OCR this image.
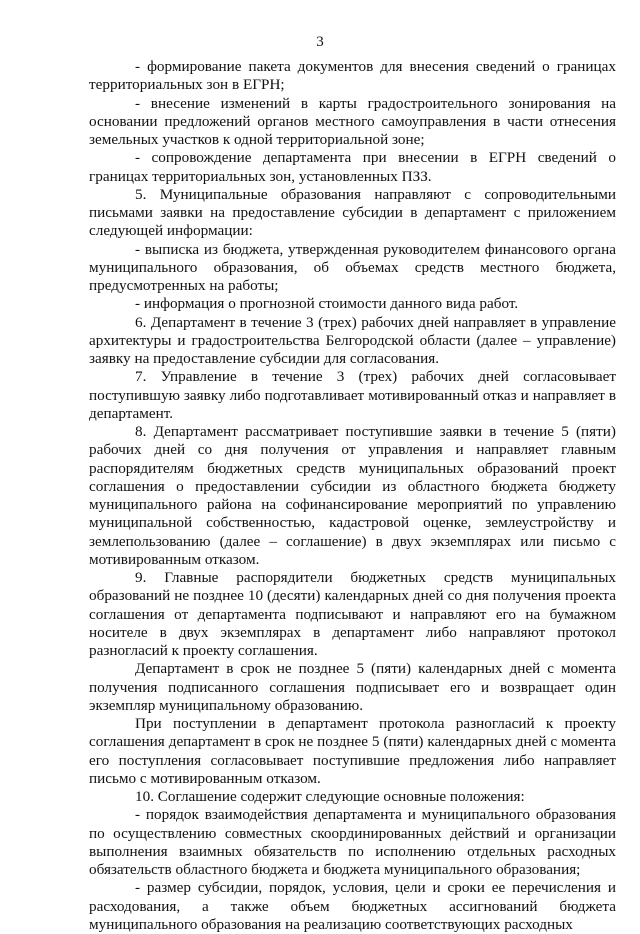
3

- формирование пакета документов для внесения сведений о границах территориальных зон в ЕГРН;

- внесение изменений в карты градостроительного зонирования на основании предложений органов местного самоуправления в части отнесения земельных участков к одной территориальной зоне;

- сопровождение департамента при внесении в ЕГРН сведений о границах территориальных зон, установленных ПЗЗ.

5. Муниципальные образования направляют с сопроводительными письмами заявки на предоставление субсидии в департамент с приложением следующей информации:

- выписка из бюджета, утвержденная руководителем финансового органа муниципального образования, об объемах средств местного бюджета, предусмотренных на работы;

- информация о прогнозной стоимости данного вида работ.

6. Департамент в течение 3 (трех) рабочих дней направляет в управление архитектуры и градостроительства Белгородской области (далее – управление) заявку на предоставление субсидии для согласования.

7. Управление в течение 3 (трех) рабочих дней согласовывает поступившую заявку либо подготавливает мотивированный отказ и направляет в департамент.

8. Департамент рассматривает поступившие заявки в течение 5 (пяти) рабочих дней со дня получения от управления и направляет главным распорядителям бюджетных средств муниципальных образований проект соглашения о предоставлении субсидии из областного бюджета бюджету муниципального района на софинансирование мероприятий по управлению муниципальной собственностью, кадастровой оценке, землеустройству и землепользованию (далее – соглашение) в двух экземплярах или письмо с мотивированным отказом.

9. Главные распорядители бюджетных средств муниципальных образований не позднее 10 (десяти) календарных дней со дня получения проекта соглашения от департамента подписывают и направляют его на бумажном носителе в двух экземплярах в департамент либо направляют протокол разногласий к проекту соглашения.

Департамент в срок не позднее 5 (пяти) календарных дней с момента получения подписанного соглашения подписывает его и возвращает один экземпляр муниципальному образованию.

При поступлении в департамент протокола разногласий к проекту соглашения департамент в срок не позднее 5 (пяти) календарных дней с момента его поступления согласовывает поступившие предложения либо направляет письмо с мотивированным отказом.

10. Соглашение содержит следующие основные положения:

- порядок взаимодействия департамента и муниципального образования по осуществлению совместных скоординированных действий и организации выполнения взаимных обязательств по исполнению отдельных расходных обязательств областного бюджета и бюджета муниципального образования;

- размер субсидии, порядок, условия, цели и сроки ее перечисления и расходования, а также объем бюджетных ассигнований бюджета муниципального образования на реализацию соответствующих расходных
